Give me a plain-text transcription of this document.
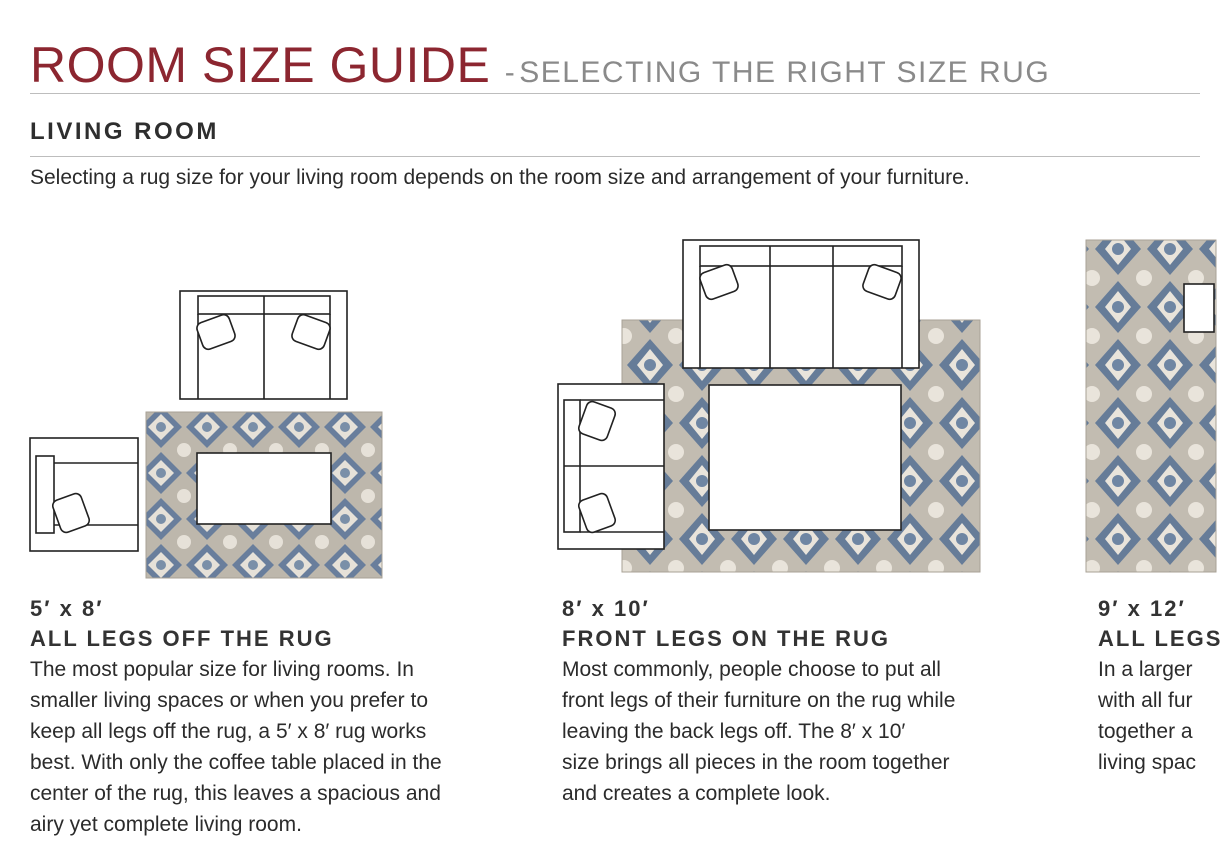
ROOM SIZE GUIDE - SELECTING THE RIGHT SIZE RUG
LIVING ROOM
Selecting a rug size for your living room depends on the room size and arrangement of your furniture.
5′ x 8′
ALL LEGS OFF THE RUG
The most popular size for living rooms. In
smaller living spaces or when you prefer to
keep all legs off the rug, a 5′ x 8′ rug works
best. With only the coffee table placed in the
center of the rug, this leaves a spacious and
airy yet complete living room.
8′ x 10′
FRONT LEGS ON THE RUG
Most commonly, people choose to put all
front legs of their furniture on the rug while
leaving the back legs off. The 8′ x 10′
size brings all pieces in the room together
and creates a complete look.
9′ x 12′
ALL LEGS
In a larger
with all fur
together a
living spac
